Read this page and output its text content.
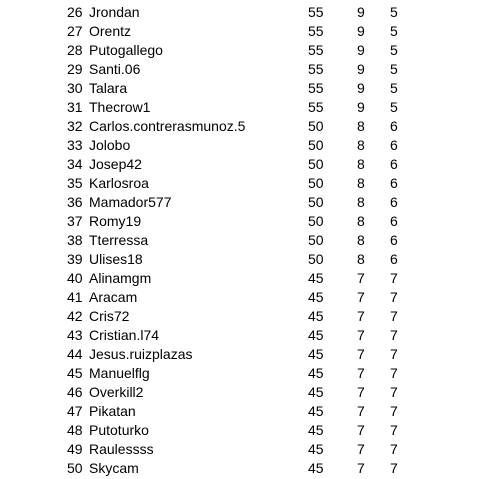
26 Jrondan	55 9 5
27 Orentz	55 9 5
28 Putogallego	55 9 5
29 Santi.06	55 9 5
30 Talara	55 9 5
31 Thecrow1	55 9 5
32 Carlos.contrerasmunoz.5	50 8 6
33 Jolobo	50 8 6
34 Josep42	50 8 6
35 Karlosroa	50 8 6
36 Mamador577	50 8 6
37 Romy19	50 8 6
38 Tterressa	50 8 6
39 Ulises18	50 8 6
40 Alinamgm	45 7 7
41 Aracam	45 7 7
42 Cris72	45 7 7
43 Cristian.l74	45 7 7
44 Jesus.ruizplazas	45 7 7
45 Manuelflg	45 7 7
46 Overkill2	45 7 7
47 Pikatan	45 7 7
48 Putoturko	45 7 7
49 Raulessss	45 7 7
50 Skycam	45 7 7
